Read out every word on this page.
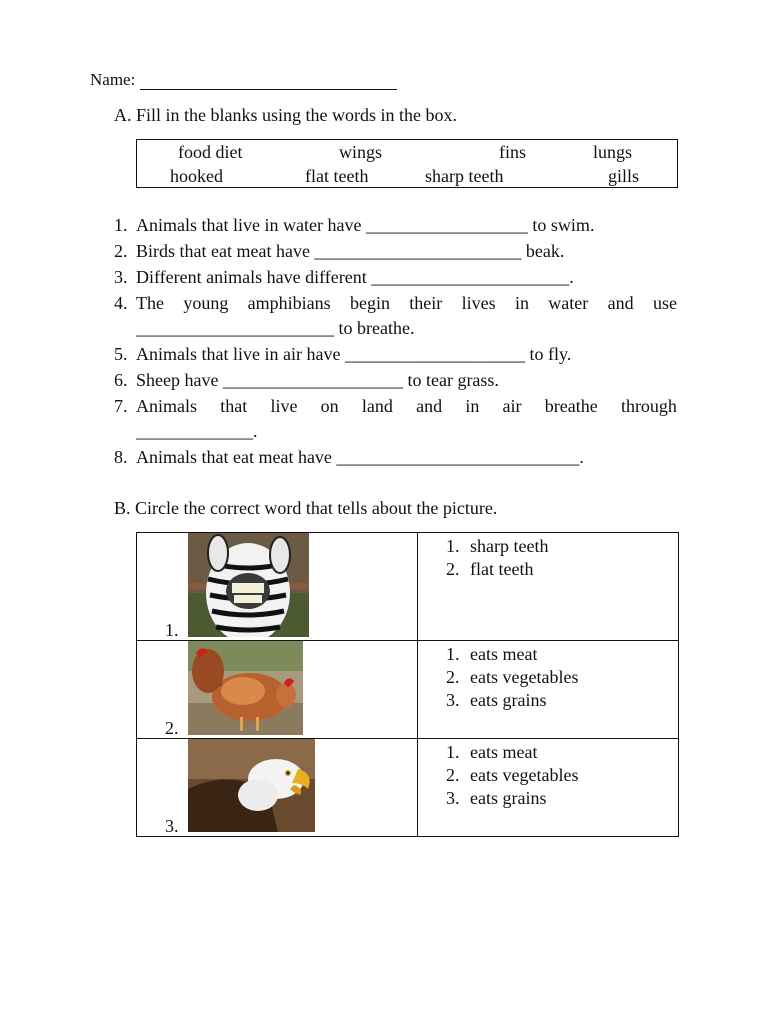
Name:
A. Fill in the blanks using the words in the box.
food diet	wings	fins	lungs
hooked	flat teeth	sharp teeth	gills
1. Animals that live in water have __________________ to swim.
2. Birds that eat meat have _______________________ beak.
3. Different animals have different ______________________.
4. The young amphibians begin their lives in water and use
______________________ to breathe.
5. Animals that live in air have ____________________ to fly.
6. Sheep have ____________________ to tear grass.
7. Animals that live on land and in air breathe through
_____________.
8. Animals that eat meat have ___________________________.
B. Circle the correct word that tells about the picture.
1.	1. sharp teeth
2. flat teeth

2.	1. eats meat
2. eats vegetables
3. eats grains

3.	1. eats meat
2. eats vegetables
3. eats grains
